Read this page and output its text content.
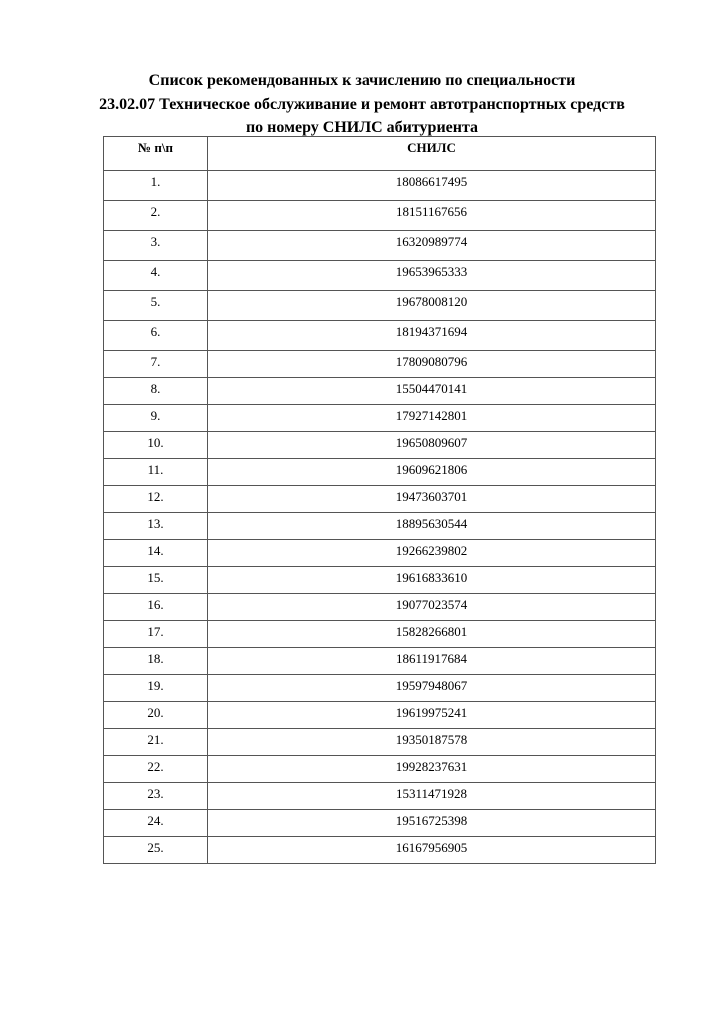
Список рекомендованных к зачислению по специальности
23.02.07 Техническое обслуживание и ремонт автотранспортных средств
по номеру СНИЛС абитуриента
№ п\п	СНИЛС
1.	18086617495
2.	18151167656
3.	16320989774
4.	19653965333
5.	19678008120
6.	18194371694
7.	17809080796
8.	15504470141
9.	17927142801
10.	19650809607
11.	19609621806
12.	19473603701
13.	18895630544
14.	19266239802
15.	19616833610
16.	19077023574
17.	15828266801
18.	18611917684
19.	19597948067
20.	19619975241
21.	19350187578
22.	19928237631
23.	15311471928
24.	19516725398
25.	16167956905
